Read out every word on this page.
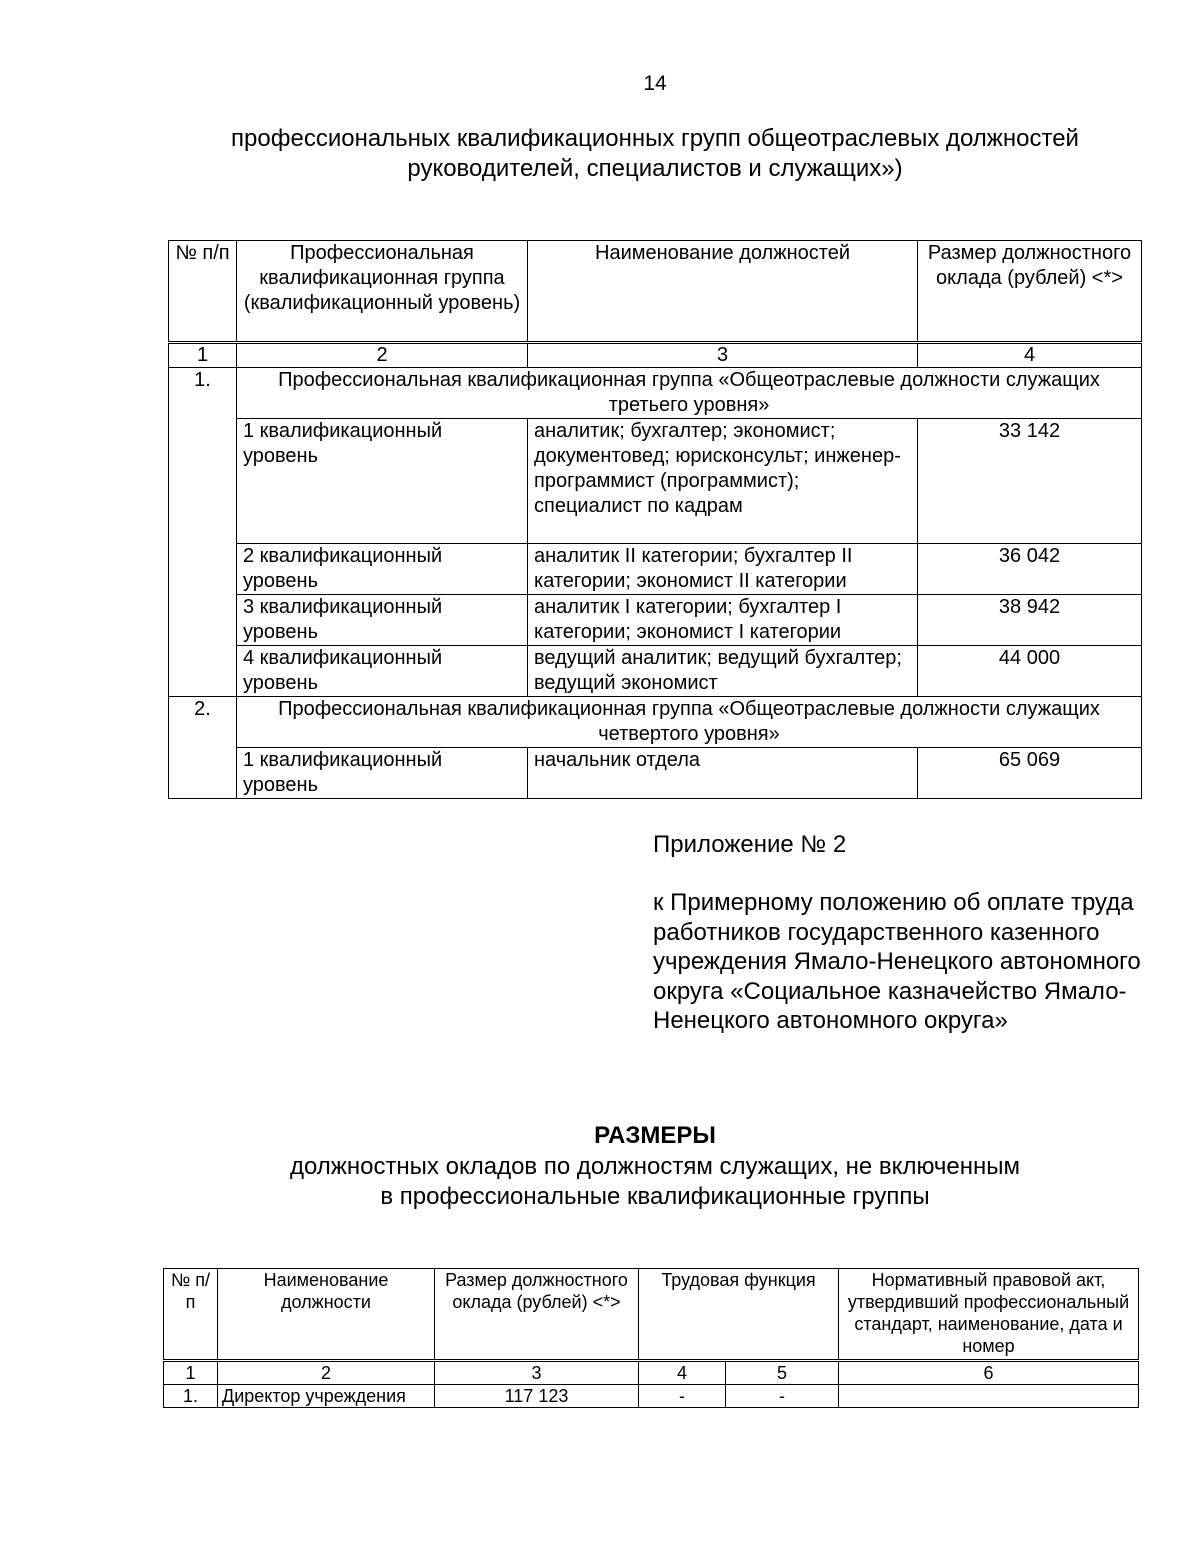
14
профессиональных квалификационных групп общеотраслевых должностей
руководителей, специалистов и служащих»)
№ п/п	Профессиональная квалификационная группа (квалификационный уровень)	Наименование должностей	Размер должностного оклада (рублей) <*>
1	2	3	4
1.	Профессиональная квалификационная группа «Общеотраслевые должности служащих третьего уровня»		
	1 квалификационный уровень	аналитик; бухгалтер; экономист; документовед; юрисконсульт; инженер-программист (программист); специалист по кадрам	33 142
	2 квалификационный уровень	аналитик II категории; бухгалтер II категории; экономист II категории	36 042
	3 квалификационный уровень	аналитик I категории; бухгалтер I категории; экономист I категории	38 942
	4 квалификационный уровень	ведущий аналитик; ведущий бухгалтер; ведущий экономист	44 000
2.	Профессиональная квалификационная группа «Общеотраслевые должности служащих четвертого уровня»		
	1 квалификационный уровень	начальник отдела	65 069
Приложение № 2
к Примерному положению об оплате труда работников государственного казенного учреждения Ямало-Ненецкого автономного округа «Социальное казначейство Ямало-Ненецкого автономного округа»
РАЗМЕРЫ
должностных окладов по должностям служащих, не включенным
в профессиональные квалификационные группы
№ п/п	Наименование должности	Размер должностного оклада (рублей) <*>	Трудовая функция		Нормативный правовой акт, утвердивший профессиональный стандарт, наименование, дата и номер
1	2	3	4	5	6
1.	Директор учреждения	117 123	-	-	
